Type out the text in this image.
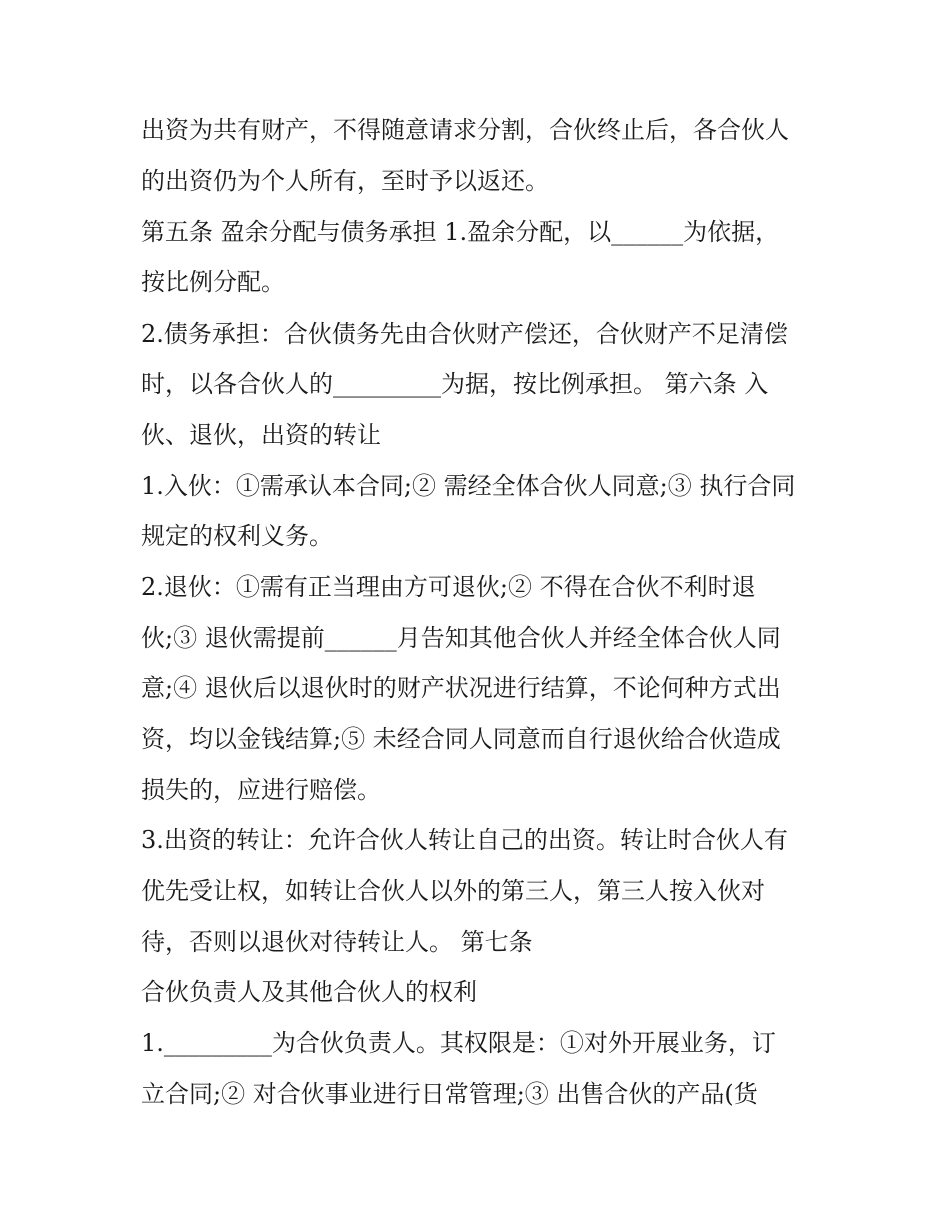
出资为共有财产，不得随意请求分割，合伙终止后，各合伙人
的出资仍为个人所有，至时予以返还。
第五条 盈余分配与债务承担 1.盈余分配，以______为依据，
按比例分配。
2.债务承担：合伙债务先由合伙财产偿还，合伙财产不足清偿
时，以各合伙人的_________为据，按比例承担。 第六条 入
伙、退伙，出资的转让
1.入伙：①需承认本合同;② 需经全体合伙人同意;③ 执行合同
规定的权利义务。
2.退伙：①需有正当理由方可退伙;② 不得在合伙不利时退
伙;③ 退伙需提前______月告知其他合伙人并经全体合伙人同
意;④ 退伙后以退伙时的财产状况进行结算，不论何种方式出
资，均以金钱结算;⑤ 未经合同人同意而自行退伙给合伙造成
损失的，应进行赔偿。
3.出资的转让：允许合伙人转让自己的出资。转让时合伙人有
优先受让权，如转让合伙人以外的第三人，第三人按入伙对
待，否则以退伙对待转让人。 第七条
合伙负责人及其他合伙人的权利
1._________为合伙负责人。其权限是：①对外开展业务，订
立合同;② 对合伙事业进行日常管理;③ 出售合伙的产品(货
